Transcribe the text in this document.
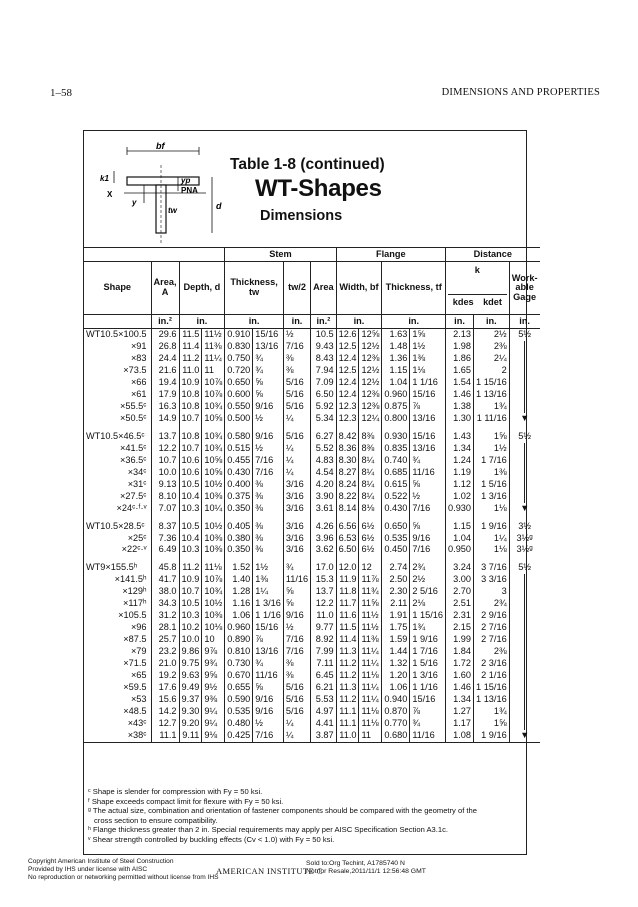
1–58	DIMENSIONS AND PROPERTIES
bf
k1
X
yp
PNA
d
y
tw
Table 1-8 (continued)
WT-Shapes
Dimensions
				Stem				Flange				Distance		
Shape	Area, A	Depth, d		Thickness, tw		tw/2	Area	Width, bf		Thickness, tf		k
kdes kdet		Work-able Gage
	in.²	in.		in.		in.	in.²	in.		in.		in.	in.	in.
WT10.5×100.5	29.6	11.5	11½	0.910	15/16	½	10.5	12.6	12⅝	1.63	1⅝	2.13	2½	5½
×91	26.8	11.4	11⅜	0.830	13/16	7/16	9.43	12.5	12½	1.48	1½	1.98	2⅜	
×83	24.4	11.2	11¼	0.750	¾	⅜	8.43	12.4	12⅜	1.36	1⅜	1.86	2¼	
×73.5	21.6	11.0	11	0.720	¾	⅜	7.94	12.5	12½	1.15	1⅛	1.65	2	
×66	19.4	10.9	10⅞	0.650	⅝	5/16	7.09	12.4	12½	1.04	1 1/16	1.54	1 15/16	
×61	17.9	10.8	10⅞	0.600	⅝	5/16	6.50	12.4	12⅜	0.960	15/16	1.46	1 13/16	
×55.5ᶜ	16.3	10.8	10¾	0.550	9/16	5/16	5.92	12.3	12⅜	0.875	⅞	1.38	1¾	
×50.5ᶜ	14.9	10.7	10⅝	0.500	½	¼	5.34	12.3	12¼	0.800	13/16	1.30	1 11/16	▼

WT10.5×46.5ᶜ	13.7	10.8	10¾	0.580	9/16	5/16	6.27	8.42	8⅜	0.930	15/16	1.43	1⅝	5½
×41.5ᶜ	12.2	10.7	10¾	0.515	½	¼	5.52	8.36	8⅜	0.835	13/16	1.34	1½	
×36.5ᶜ	10.7	10.6	10⅝	0.455	7/16	¼	4.83	8.30	8¼	0.740	¾	1.24	1 7/16	
×34ᶜ	10.0	10.6	10⅝	0.430	7/16	¼	4.54	8.27	8¼	0.685	11/16	1.19	1⅜	
×31ᶜ	9.13	10.5	10½	0.400	⅜	3/16	4.20	8.24	8¼	0.615	⅝	1.12	1 5/16	
×27.5ᶜ	8.10	10.4	10⅜	0.375	⅜	3/16	3.90	8.22	8¼	0.522	½	1.02	1 3/16	
×24ᶜ·ᶠ·ᵛ	7.07	10.3	10¼	0.350	⅜	3/16	3.61	8.14	8⅛	0.430	7/16	0.930	1⅛	▼

WT10.5×28.5ᶜ	8.37	10.5	10½	0.405	⅜	3/16	4.26	6.56	6½	0.650	⅝	1.15	1 9/16	3½
×25ᶜ	7.36	10.4	10⅜	0.380	⅜	3/16	3.96	6.53	6½	0.535	9/16	1.04	1¼	3½ᵍ
×22ᶜ·ᵛ	6.49	10.3	10⅜	0.350	⅜	3/16	3.62	6.50	6½	0.450	7/16	0.950	1⅛	3½ᵍ

WT9×155.5ʰ	45.8	11.2	11⅛	1.52	1½	¾	17.0	12.0	12	2.74	2¾	3.24	3 7/16	5½
×141.5ʰ	41.7	10.9	10⅞	1.40	1⅜	11/16	15.3	11.9	11⅞	2.50	2½	3.00	3 3/16	
×129ʰ	38.0	10.7	10¾	1.28	1¼	⅝	13.7	11.8	11¾	2.30	2 5/16	2.70	3	
×117ʰ	34.3	10.5	10½	1.16	1 3/16	⅝	12.2	11.7	11⅝	2.11	2⅛	2.51	2¾	
×105.5	31.2	10.3	10⅜	1.06	1 1/16	9/16	11.0	11.6	11½	1.91	1 15/16	2.31	2 9/16	
×96	28.1	10.2	10⅛	0.960	15/16	½	9.77	11.5	11½	1.75	1¾	2.15	2 7/16	
×87.5	25.7	10.0	10	0.890	⅞	7/16	8.92	11.4	11⅜	1.59	1 9/16	1.99	2 7/16	
×79	23.2	9.86	9⅞	0.810	13/16	7/16	7.99	11.3	11¼	1.44	1 7/16	1.84	2⅜	
×71.5	21.0	9.75	9¾	0.730	¾	⅜	7.11	11.2	11¼	1.32	1 5/16	1.72	2 3/16	
×65	19.2	9.63	9⅝	0.670	11/16	⅜	6.45	11.2	11⅛	1.20	1 3/16	1.60	2 1/16	
×59.5	17.6	9.49	9½	0.655	⅝	5/16	6.21	11.3	11¼	1.06	1 1/16	1.46	1 15/16	
×53	15.6	9.37	9⅜	0.590	9/16	5/16	5.53	11.2	11¼	0.940	15/16	1.34	1 13/16	
×48.5	14.2	9.30	9¼	0.535	9/16	5/16	4.97	11.1	11⅛	0.870	⅞	1.27	1¾	
×43ᶜ	12.7	9.20	9¼	0.480	½	¼	4.41	11.1	11⅛	0.770	¾	1.17	1⅝	
×38ᶜ	11.1	9.11	9⅛	0.425	7/16	¼	3.87	11.0	11	0.680	11/16	1.08	1 9/16	▼
ᶜ Shape is slender for compression with Fy = 50 ksi.
ᶠ Shape exceeds compact limit for flexure with Fy = 50 ksi.
ᵍ The actual size, combination and orientation of fastener components should be compared with the geometry of the
cross section to ensure compatibility.
ʰ Flange thickness greater than 2 in. Special requirements may apply per AISC Specification Section A3.1c.
ᵛ Shear strength controlled by buckling effects (Cv < 1.0) with Fy = 50 ksi.
Copyright American Institute of Steel Construction
Provided by IHS under license with AISC
No reproduction or networking permitted without license from IHS
AMERICAN INSTITUTE C
Sold to:Org Techint, A1785740 N
Not for Resale,2011/11/1 12:56:48 GMT
